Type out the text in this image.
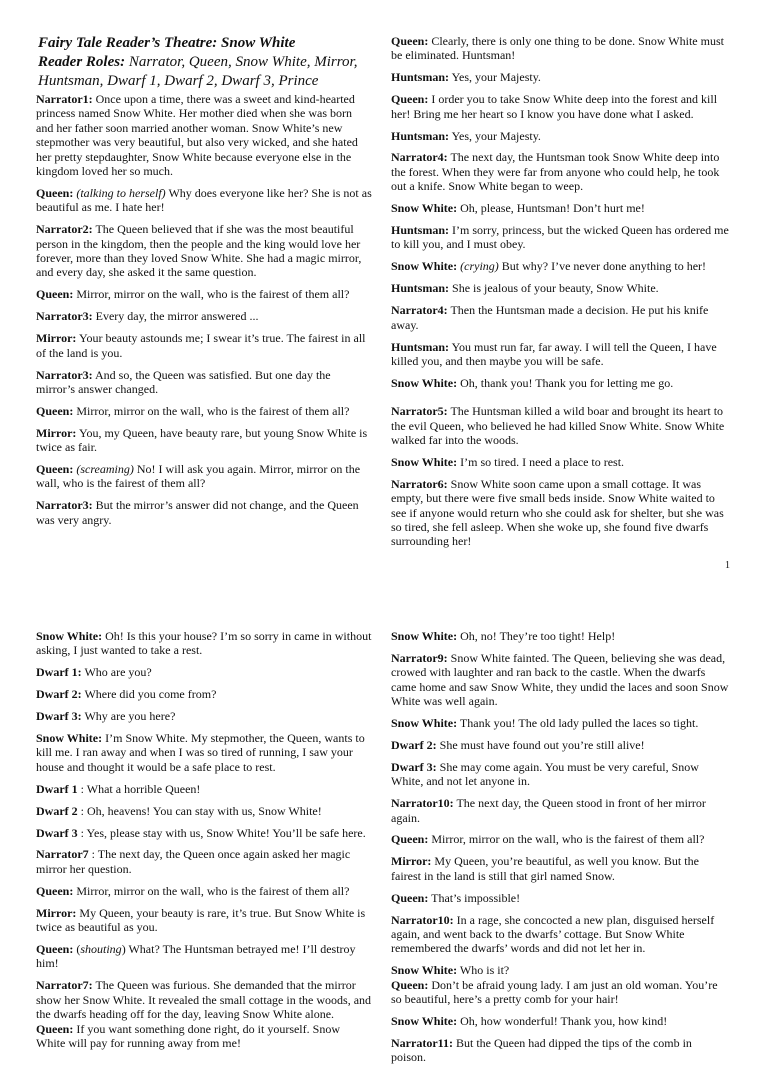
Fairy Tale Reader’s Theatre: Snow White
Reader Roles: Narrator, Queen, Snow White, Mirror, Huntsman, Dwarf 1, Dwarf 2, Dwarf 3, Prince
Narrator1: Once upon a time, there was a sweet and kind-hearted princess named Snow White. Her mother died when she was born and her father soon married another woman. Snow White’s new stepmother was very beautiful, but also very wicked, and she hated her pretty stepdaughter, Snow White because everyone else in the kingdom loved her so much.
Queen: (talking to herself) Why does everyone like her? She is not as beautiful as me. I hate her!
Narrator2: The Queen believed that if she was the most beautiful person in the kingdom, then the people and the king would love her forever, more than they loved Snow White. She had a magic mirror, and every day, she asked it the same question.
Queen: Mirror, mirror on the wall, who is the fairest of them all?
Narrator3: Every day, the mirror answered ...
Mirror: Your beauty astounds me; I swear it’s true. The fairest in all of the land is you.
Narrator3: And so, the Queen was satisfied. But one day the mirror’s answer changed.
Queen: Mirror, mirror on the wall, who is the fairest of them all?
Mirror: You, my Queen, have beauty rare, but young Snow White is twice as fair.
Queen: (screaming) No! I will ask you again. Mirror, mirror on the wall, who is the fairest of them all?
Narrator3: But the mirror’s answer did not change, and the Queen was very angry.
Queen: Clearly, there is only one thing to be done. Snow White must be eliminated. Huntsman!
Huntsman: Yes, your Majesty.
Queen: I order you to take Snow White deep into the forest and kill her! Bring me her heart so I know you have done what I asked.
Huntsman: Yes, your Majesty.
Narrator4: The next day, the Huntsman took Snow White deep into the forest. When they were far from anyone who could help, he took out a knife. Snow White began to weep.
Snow White: Oh, please, Huntsman! Don’t hurt me!
Huntsman: I’m sorry, princess, but the wicked Queen has ordered me to kill you, and I must obey.
Snow White: (crying) But why? I’ve never done anything to her!
Huntsman: She is jealous of your beauty, Snow White.
Narrator4: Then the Huntsman made a decision. He put his knife away.
Huntsman: You must run far, far away. I will tell the Queen, I have killed you, and then maybe you will be safe.
Snow White: Oh, thank you! Thank you for letting me go.
Narrator5: The Huntsman killed a wild boar and brought its heart to the evil Queen, who believed he had killed Snow White. Snow White walked far into the woods.
Snow White: I’m so tired. I need a place to rest.
Narrator6: Snow White soon came upon a small cottage. It was empty, but there were five small beds inside. Snow White waited to see if anyone would return who she could ask for shelter, but she was so tired, she fell asleep. When she woke up, she found five dwarfs surrounding her!
1
Snow White: Oh! Is this your house? I’m so sorry in came in without asking, I just wanted to take a rest.
Dwarf 1: Who are you?
Dwarf 2: Where did you come from?
Dwarf 3: Why are you here?
Snow White: I’m Snow White. My stepmother, the Queen, wants to kill me. I ran away and when I was so tired of running, I saw your house and thought it would be a safe place to rest.
Dwarf 1 : What a horrible Queen!
Dwarf 2 : Oh, heavens! You can stay with us, Snow White!
Dwarf 3 : Yes, please stay with us, Snow White! You’ll be safe here.
Narrator7 : The next day, the Queen once again asked her magic mirror her question.
Queen: Mirror, mirror on the wall, who is the fairest of them all?
Mirror: My Queen, your beauty is rare, it’s true. But Snow White is twice as beautiful as you.
Queen: (shouting) What? The Huntsman betrayed me! I’ll destroy him!
Narrator7: The Queen was furious. She demanded that the mirror show her Snow White. It revealed the small cottage in the woods, and the dwarfs heading off for the day, leaving Snow White alone.
Queen: If you want something done right, do it yourself. Snow White will pay for running away from me!
Snow White: Oh, no! They’re too tight! Help!
Narrator9: Snow White fainted. The Queen, believing she was dead, crowed with laughter and ran back to the castle. When the dwarfs came home and saw Snow White, they undid the laces and soon Snow White was well again.
Snow White: Thank you! The old lady pulled the laces so tight.
Dwarf 2: She must have found out you’re still alive!
Dwarf 3: She may come again. You must be very careful, Snow White, and not let anyone in.
Narrator10: The next day, the Queen stood in front of her mirror again.
Queen: Mirror, mirror on the wall, who is the fairest of them all?
Mirror: My Queen, you’re beautiful, as well you know. But the fairest in the land is still that girl named Snow.
Queen: That’s impossible!
Narrator10: In a rage, she concocted a new plan, disguised herself again, and went back to the dwarfs’ cottage. But Snow White remembered the dwarfs’ words and did not let her in.
Snow White: Who is it?
Queen: Don’t be afraid young lady. I am just an old woman. You’re so beautiful, here’s a pretty comb for your hair!
Snow White: Oh, how wonderful! Thank you, how kind!
Narrator11: But the Queen had dipped the tips of the comb in poison.
